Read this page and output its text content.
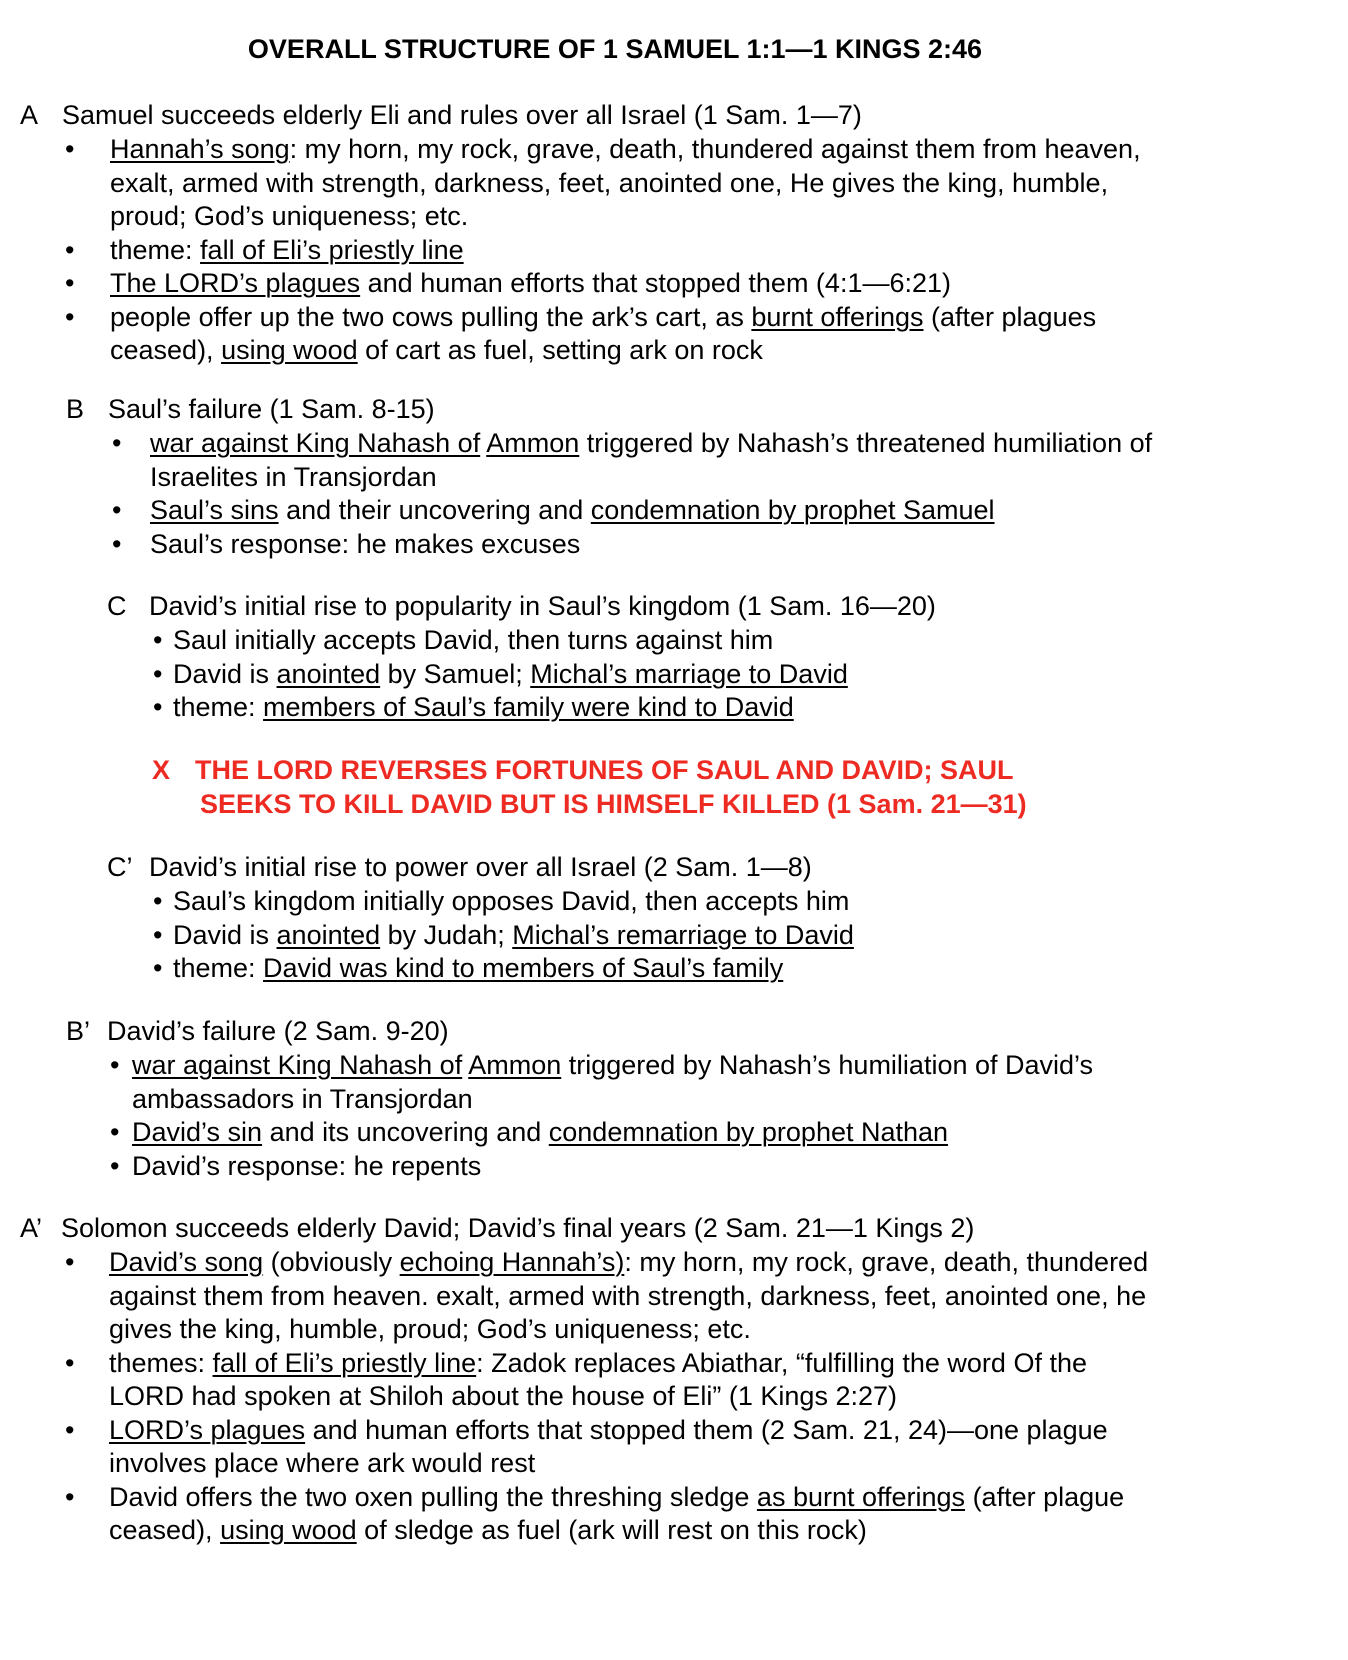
OVERALL STRUCTURE OF 1 SAMUEL 1:1—1 KINGS 2:46
A Samuel succeeds elderly Eli and rules over all Israel (1 Sam. 1—7)
• Hannah’s song: my horn, my rock, grave, death, thundered against them from heaven,
exalt, armed with strength, darkness, feet, anointed one, He gives the king, humble,
proud; God’s uniqueness; etc.
• theme: fall of Eli’s priestly line
• The LORD’s plagues and human efforts that stopped them (4:1—6:21)
• people offer up the two cows pulling the ark’s cart, as burnt offerings (after plagues
ceased), using wood of cart as fuel, setting ark on rock
B Saul’s failure (1 Sam. 8-15)
• war against King Nahash of Ammon triggered by Nahash’s threatened humiliation of
Israelites in Transjordan
• Saul’s sins and their uncovering and condemnation by prophet Samuel
• Saul’s response: he makes excuses
C David’s initial rise to popularity in Saul’s kingdom (1 Sam. 16—20)
• Saul initially accepts David, then turns against him
• David is anointed by Samuel; Michal’s marriage to David
• theme: members of Saul’s family were kind to David
X THE LORD REVERSES FORTUNES OF SAUL AND DAVID; SAUL
SEEKS TO KILL DAVID BUT IS HIMSELF KILLED (1 Sam. 21—31)
C’ David’s initial rise to power over all Israel (2 Sam. 1—8)
• Saul’s kingdom initially opposes David, then accepts him
• David is anointed by Judah; Michal’s remarriage to David
• theme: David was kind to members of Saul’s family
B’ David’s failure (2 Sam. 9-20)
• war against King Nahash of Ammon triggered by Nahash’s humiliation of David’s
ambassadors in Transjordan
• David’s sin and its uncovering and condemnation by prophet Nathan
• David’s response: he repents
A’ Solomon succeeds elderly David; David’s final years (2 Sam. 21—1 Kings 2)
• David’s song (obviously echoing Hannah’s): my horn, my rock, grave, death, thundered
against them from heaven. exalt, armed with strength, darkness, feet, anointed one, he
gives the king, humble, proud; God’s uniqueness; etc.
• themes: fall of Eli’s priestly line: Zadok replaces Abiathar, “fulfilling the word Of the
LORD had spoken at Shiloh about the house of Eli” (1 Kings 2:27)
• LORD’s plagues and human efforts that stopped them (2 Sam. 21, 24)—one plague
involves place where ark would rest
• David offers the two oxen pulling the threshing sledge as burnt offerings (after plague
ceased), using wood of sledge as fuel (ark will rest on this rock)
